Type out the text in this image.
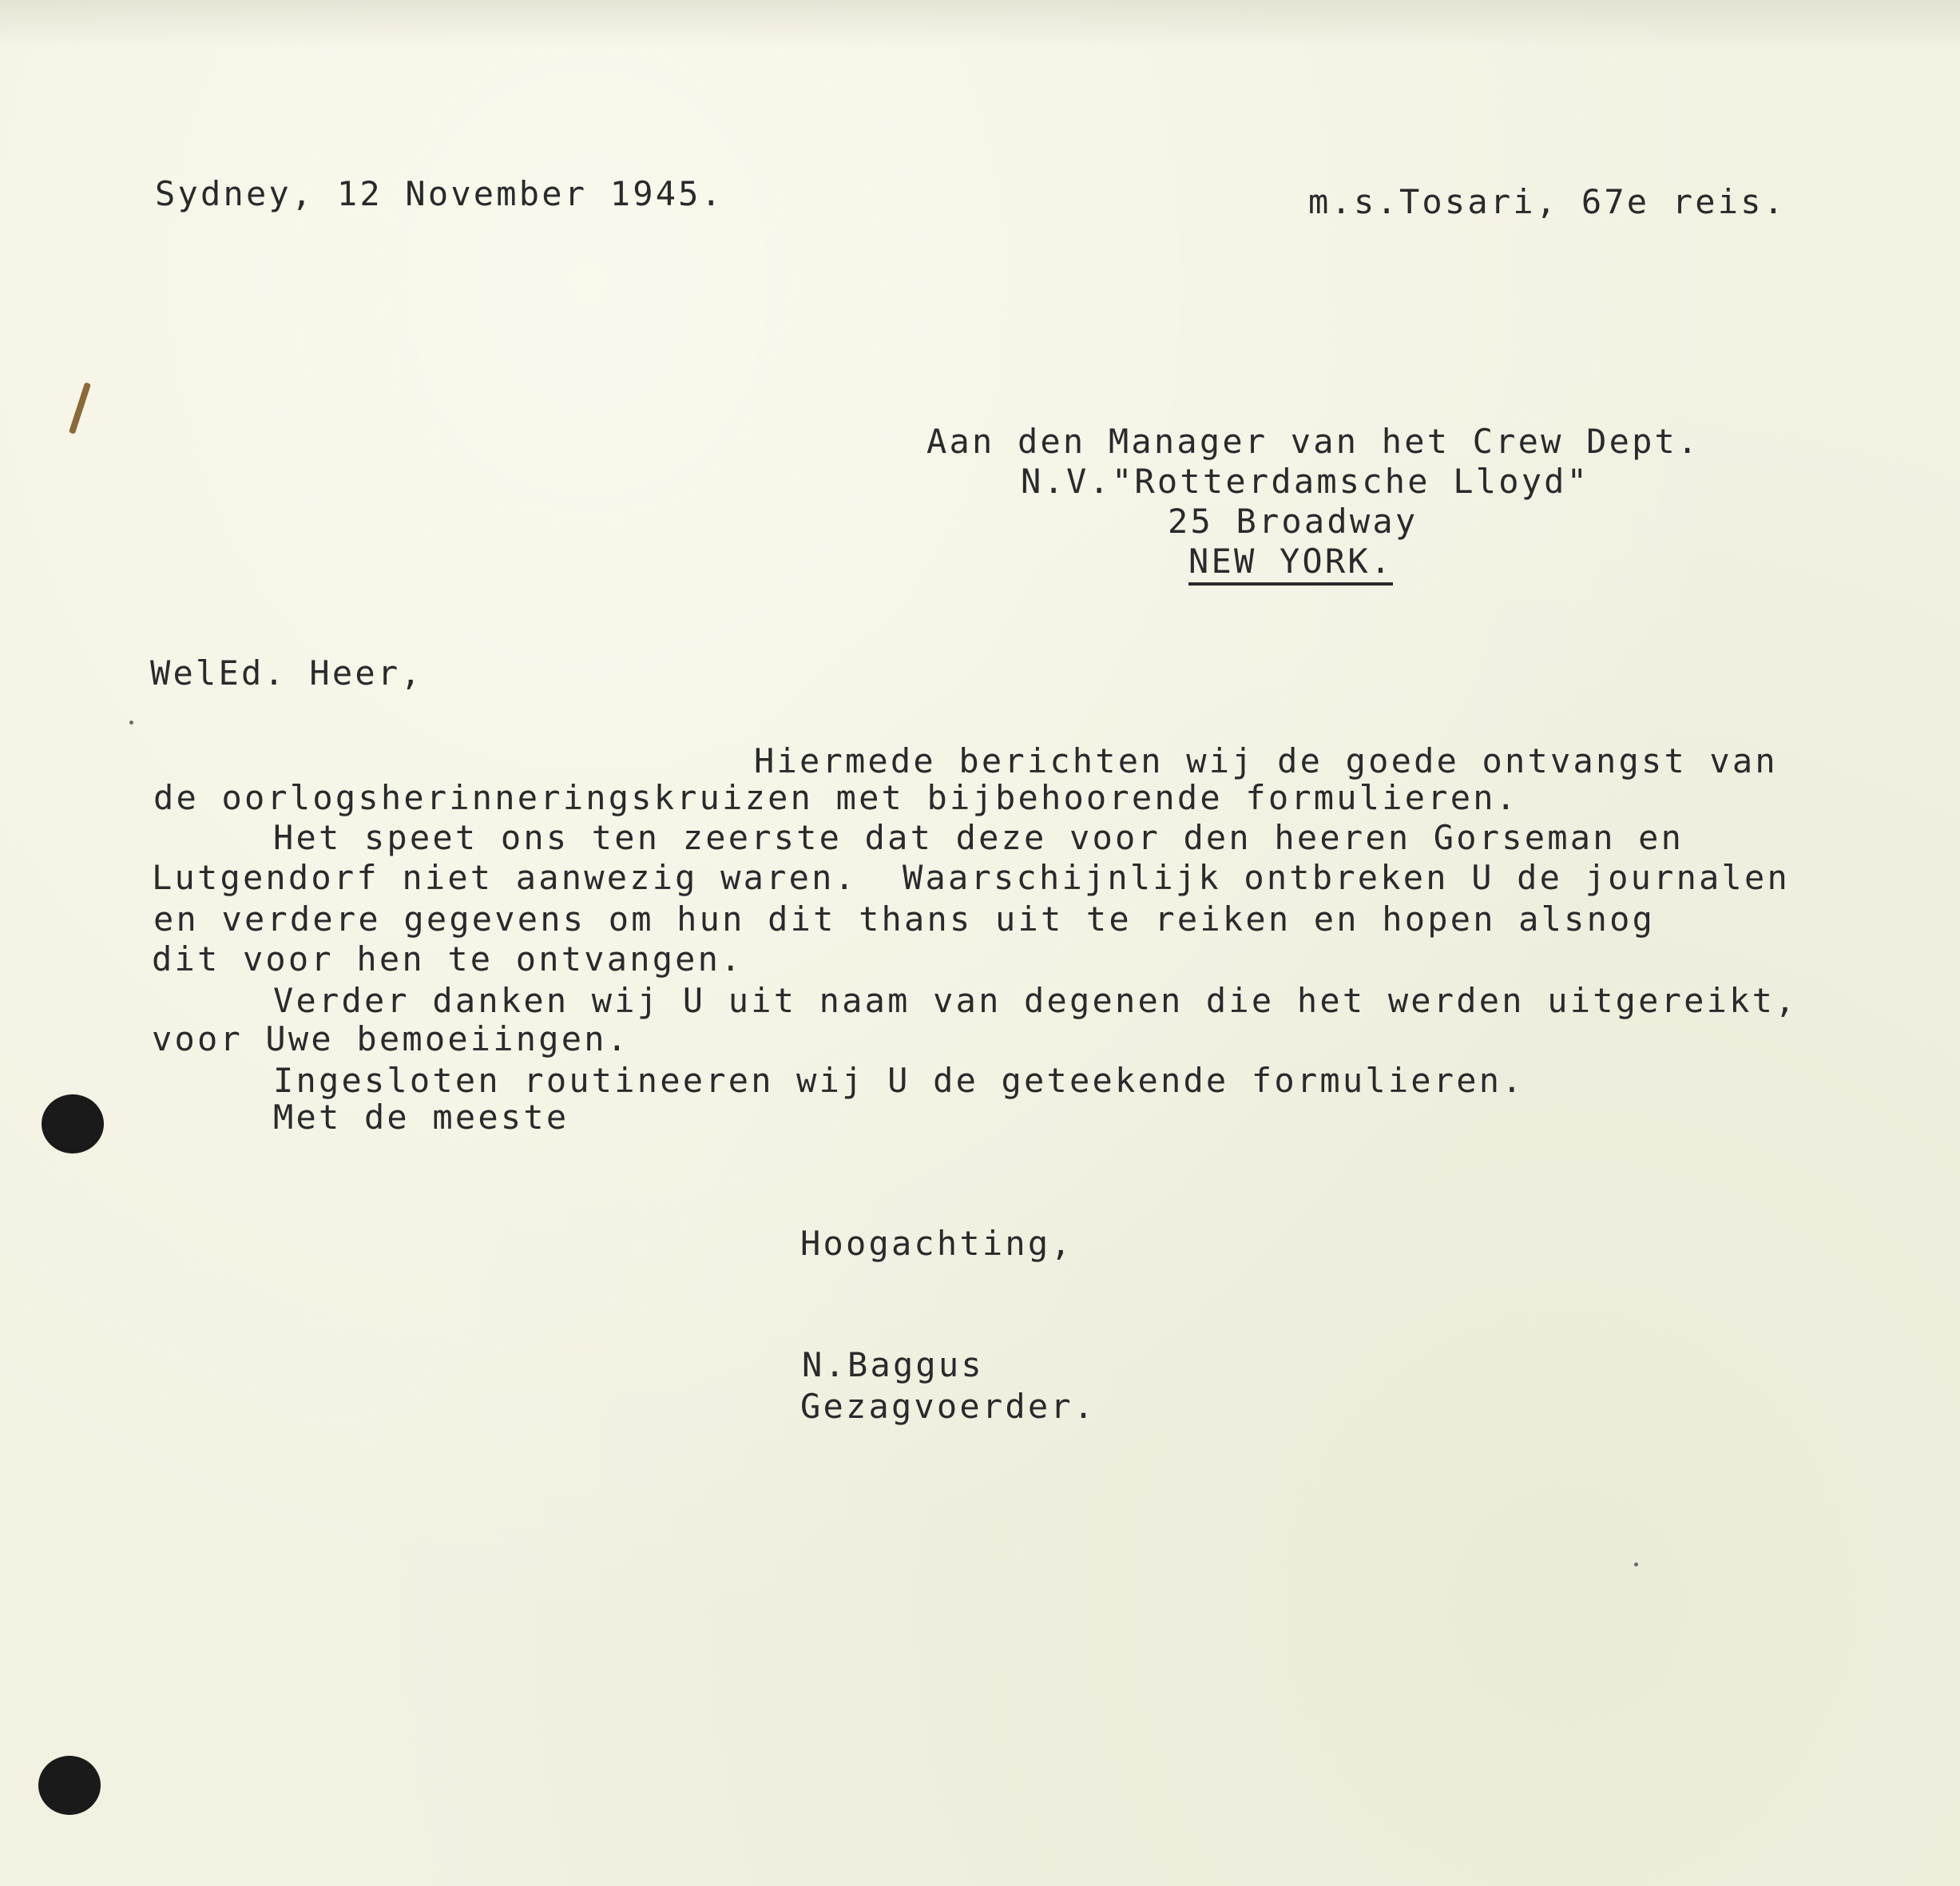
Sydney, 12 November 1945.	m.s.Tosari, 67e reis.
Aan den Manager van het Crew Dept.
N.V."Rotterdamsche Lloyd"
25 Broadway
NEW YORK.
WelEd. Heer,
Hiermede berichten wij de goede ontvangst van
de oorlogsherinneringskruizen met bijbehoorende formulieren.
Het speet ons ten zeerste dat deze voor den heeren Gorseman en
Lutgendorf niet aanwezig waren.  Waarschijnlijk ontbreken U de journalen
en verdere gegevens om hun dit thans uit te reiken en hopen alsnog
dit voor hen te ontvangen.
Verder danken wij U uit naam van degenen die het werden uitgereikt,
voor Uwe bemoeiingen.
Ingesloten routineeren wij U de geteekende formulieren.
Met de meeste
Hoogachting,
N.Baggus
Gezagvoerder.
